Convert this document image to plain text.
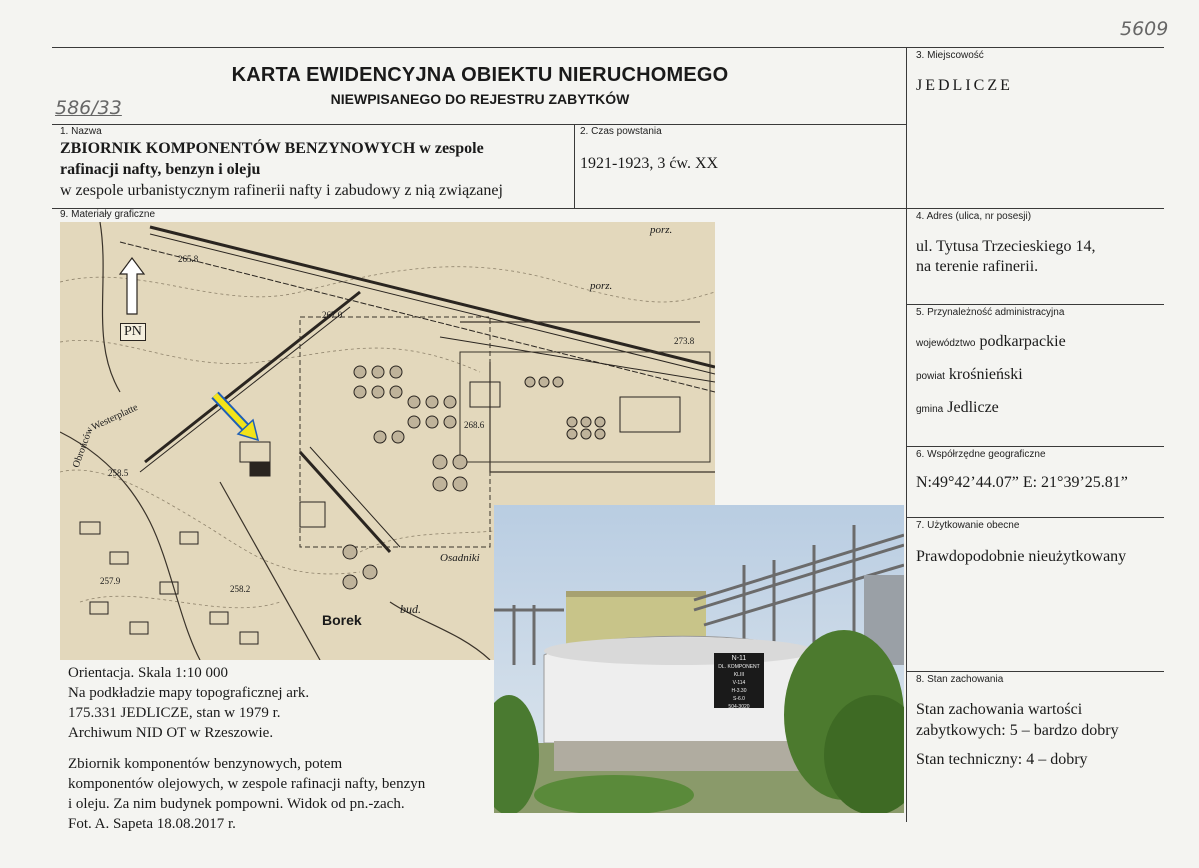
5609
586/33
KARTA EWIDENCYJNA OBIEKTU NIERUCHOMEGO
NIEWPISANEGO DO REJESTRU ZABYTKÓW
3. Miejscowość
JEDLICZE
1. Nazwa
ZBIORNIK KOMPONENTÓW BENZYNOWYCH w zespole
rafinacji nafty, benzyn i oleju
w zespole urbanistycznym rafinerii nafty i zabudowy z nią związanej
2. Czas powstania
1921-1923, 3 ćw. XX
9. Materiały graficzne	4. Adres (ulica, nr posesji)
ul. Tytusa Trzecieskiego 14,
na terenie rafinerii.
5. Przynależność administracyjna
województwo podkarpackie
powiat krośnieński
gmina Jedlicze
6. Współrzędne geograficzne
N:49°42’44.07” E: 21°39’25.81”
7. Użytkowanie obecne
Prawdopodobnie nieużytkowany
8. Stan zachowania
Stan zachowania wartości
zabytkowych: 5 – bardzo dobry
Stan techniczny: 4 – dobry
PN
Borek
bud.
porz.
porz.
Osadniki
Westerplatte
Obrońców
258.5
257.9
258.2
265.8
267.0
268.6
273.8
N-11
DL. KOMPONENT
KLIII
V-114
H-3.30
S-6.0
504-3020
Orientacja. Skala 1:10 000
Na podkładzie mapy topograficznej ark.
175.331 JEDLICZE, stan w 1979 r.
Archiwum NID OT w Rzeszowie.
Zbiornik komponentów benzynowych, potem
komponentów olejowych, w zespole rafinacji nafty, benzyn
i oleju. Za nim budynek pompowni. Widok od pn.-zach.
Fot. A. Sapeta 18.08.2017 r.
